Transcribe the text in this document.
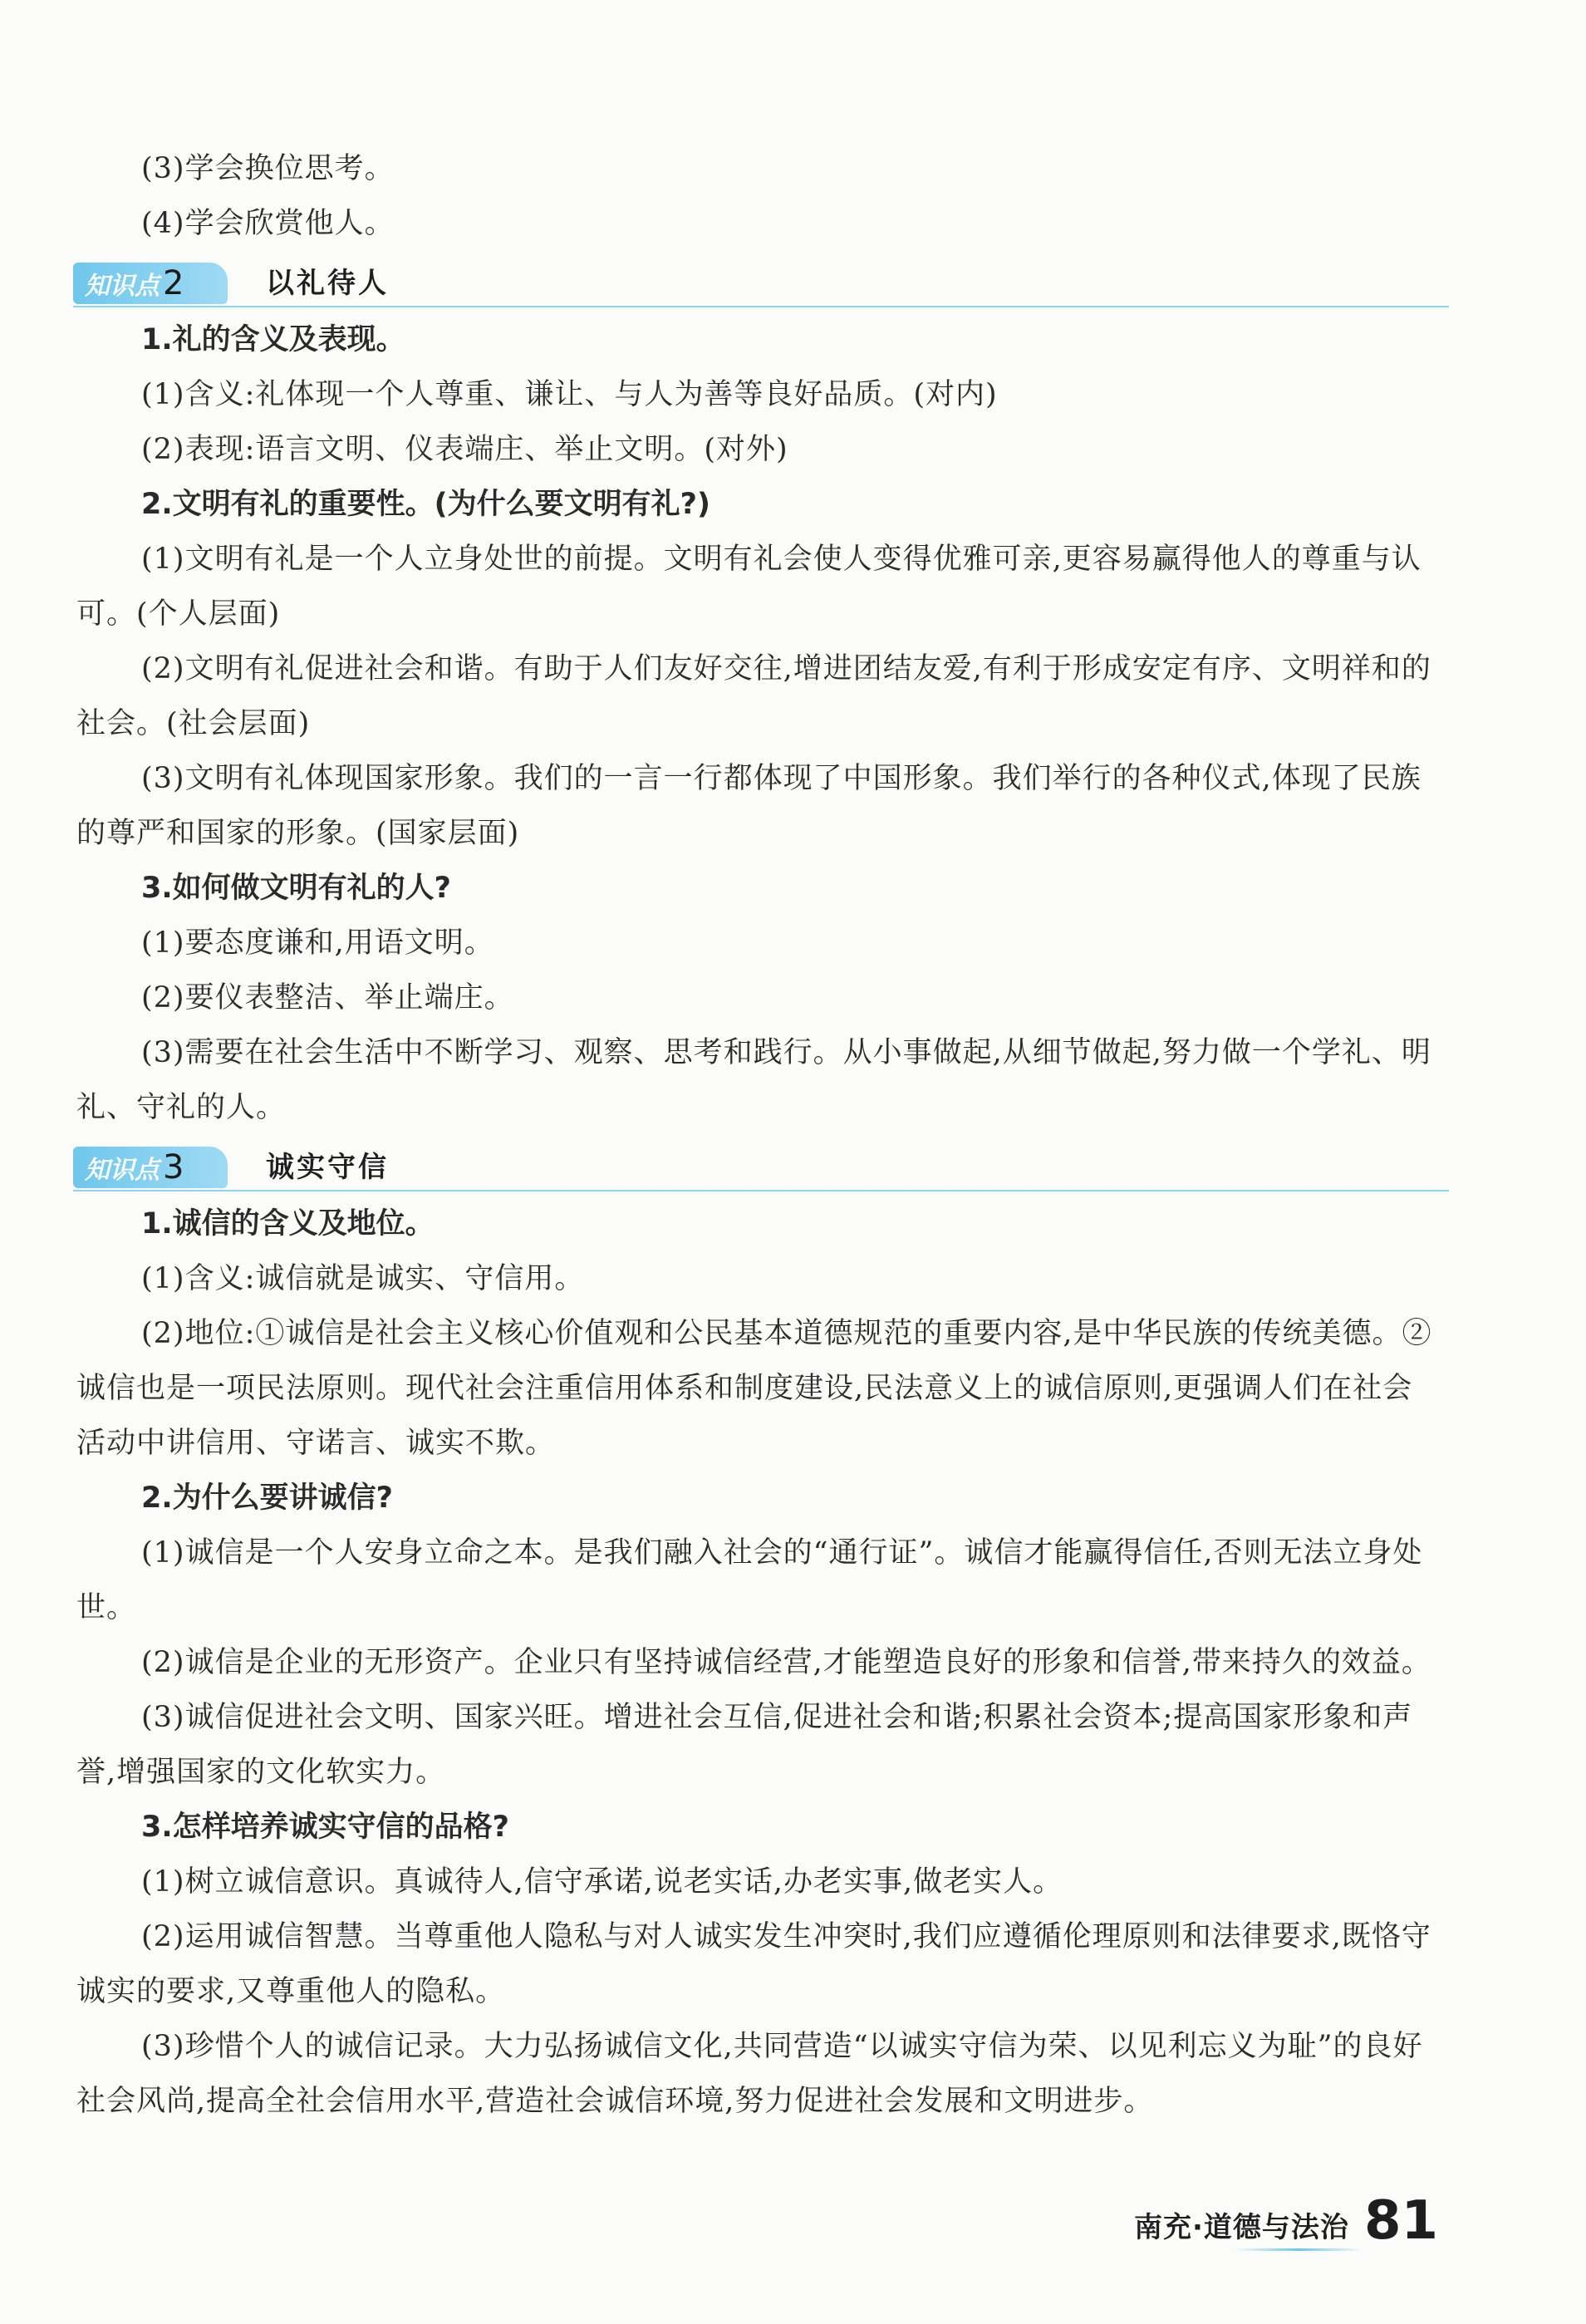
(3)学会换位思考。

(4)学会欣赏他人。

知识点 2	以礼待人

1.礼的含义及表现。

(1)含义:礼体现一个人尊重、谦让、与人为善等良好品质。(对内)

(2)表现:语言文明、仪表端庄、举止文明。(对外)

2.文明有礼的重要性。(为什么要文明有礼?)

(1)文明有礼是一个人立身处世的前提。文明有礼会使人变得优雅可亲,更容易赢得他人的尊重与认可。(个人层面)

(2)文明有礼促进社会和谐。有助于人们友好交往,增进团结友爱,有利于形成安定有序、文明祥和的社会。(社会层面)

(3)文明有礼体现国家形象。我们的一言一行都体现了中国形象。我们举行的各种仪式,体现了民族的尊严和国家的形象。(国家层面)

3.如何做文明有礼的人?

(1)要态度谦和,用语文明。

(2)要仪表整洁、举止端庄。

(3)需要在社会生活中不断学习、观察、思考和践行。从小事做起,从细节做起,努力做一个学礼、明礼、守礼的人。

知识点 3	诚实守信

1.诚信的含义及地位。

(1)含义:诚信就是诚实、守信用。

(2)地位:①诚信是社会主义核心价值观和公民基本道德规范的重要内容,是中华民族的传统美德。②诚信也是一项民法原则。现代社会注重信用体系和制度建设,民法意义上的诚信原则,更强调人们在社会活动中讲信用、守诺言、诚实不欺。

2.为什么要讲诚信?

(1)诚信是一个人安身立命之本。是我们融入社会的“通行证”。诚信才能赢得信任,否则无法立身处世。

(2)诚信是企业的无形资产。企业只有坚持诚信经营,才能塑造良好的形象和信誉,带来持久的效益。

(3)诚信促进社会文明、国家兴旺。增进社会互信,促进社会和谐;积累社会资本;提高国家形象和声誉,增强国家的文化软实力。

3.怎样培养诚实守信的品格?

(1)树立诚信意识。真诚待人,信守承诺,说老实话,办老实事,做老实人。

(2)运用诚信智慧。当尊重他人隐私与对人诚实发生冲突时,我们应遵循伦理原则和法律要求,既恪守诚实的要求,又尊重他人的隐私。

(3)珍惜个人的诚信记录。大力弘扬诚信文化,共同营造“以诚实守信为荣、以见利忘义为耻”的良好社会风尚,提高全社会信用水平,营造社会诚信环境,努力促进社会发展和文明进步。

南充·道德与法治 81
